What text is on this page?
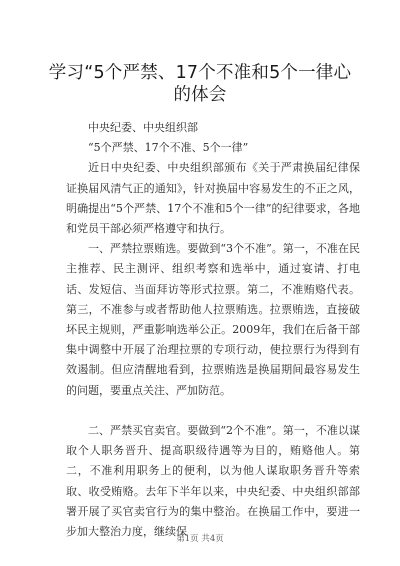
学习“5个严禁、17个不准和5个一律心的体会

中央纪委、中央组织部

“5个严禁、17个不准、5个一律”

近日中央纪委、中央组织部颁布《关于严肃换届纪律保证换届风清气正的通知》，针对换届中容易发生的不正之风，明确提出“5个严禁、17个不准和5个一律”的纪律要求，各地和党员干部必须严格遵守和执行。

一、严禁拉票贿选。要做到“3个不准”。第一，不准在民主推荐、民主测评、组织考察和选举中，通过宴请、打电话、发短信、当面拜访等形式拉票。第二，不准贿赂代表。第三，不准参与或者帮助他人拉票贿选。拉票贿选，直接破坏民主规则，严重影响选举公正。2009年，我们在后备干部集中调整中开展了治理拉票的专项行动，使拉票行为得到有效遏制。但应清醒地看到，拉票贿选是换届期间最容易发生的问题，要重点关注、严加防范。

二、严禁买官卖官。要做到“2个不准”。第一，不准以谋取个人职务晋升、提高职级待遇等为目的，贿赂他人。第二，不准利用职务上的便利，以为他人谋取职务晋升等索取、收受贿赂。去年下半年以来，中央纪委、中央组织部部署开展了买官卖官行为的集中整治。在换届工作中，要进一步加大整治力度，继续保

第1页 共4页
